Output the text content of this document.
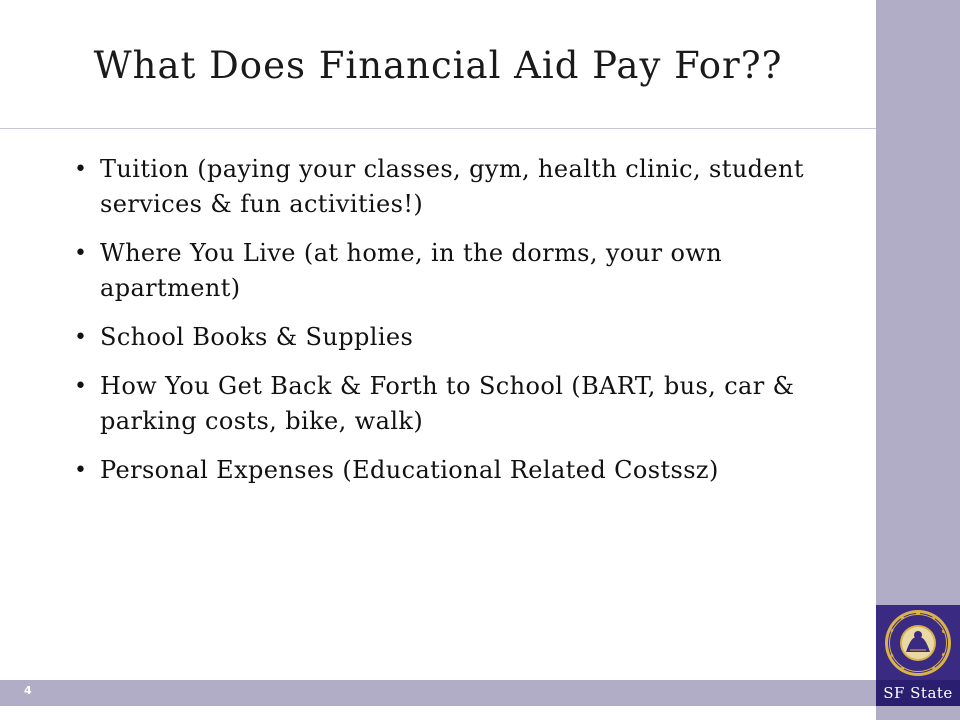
What Does Financial Aid Pay For??
• Tuition (paying your classes, gym, health clinic, student services & fun activities!)
• Where You Live (at home, in the dorms, your own apartment)
• School Books & Supplies
• How You Get Back & Forth to School (BART, bus, car & parking costs, bike, walk)
• Personal Expenses (Educational Related Costssz)
4	SF State
